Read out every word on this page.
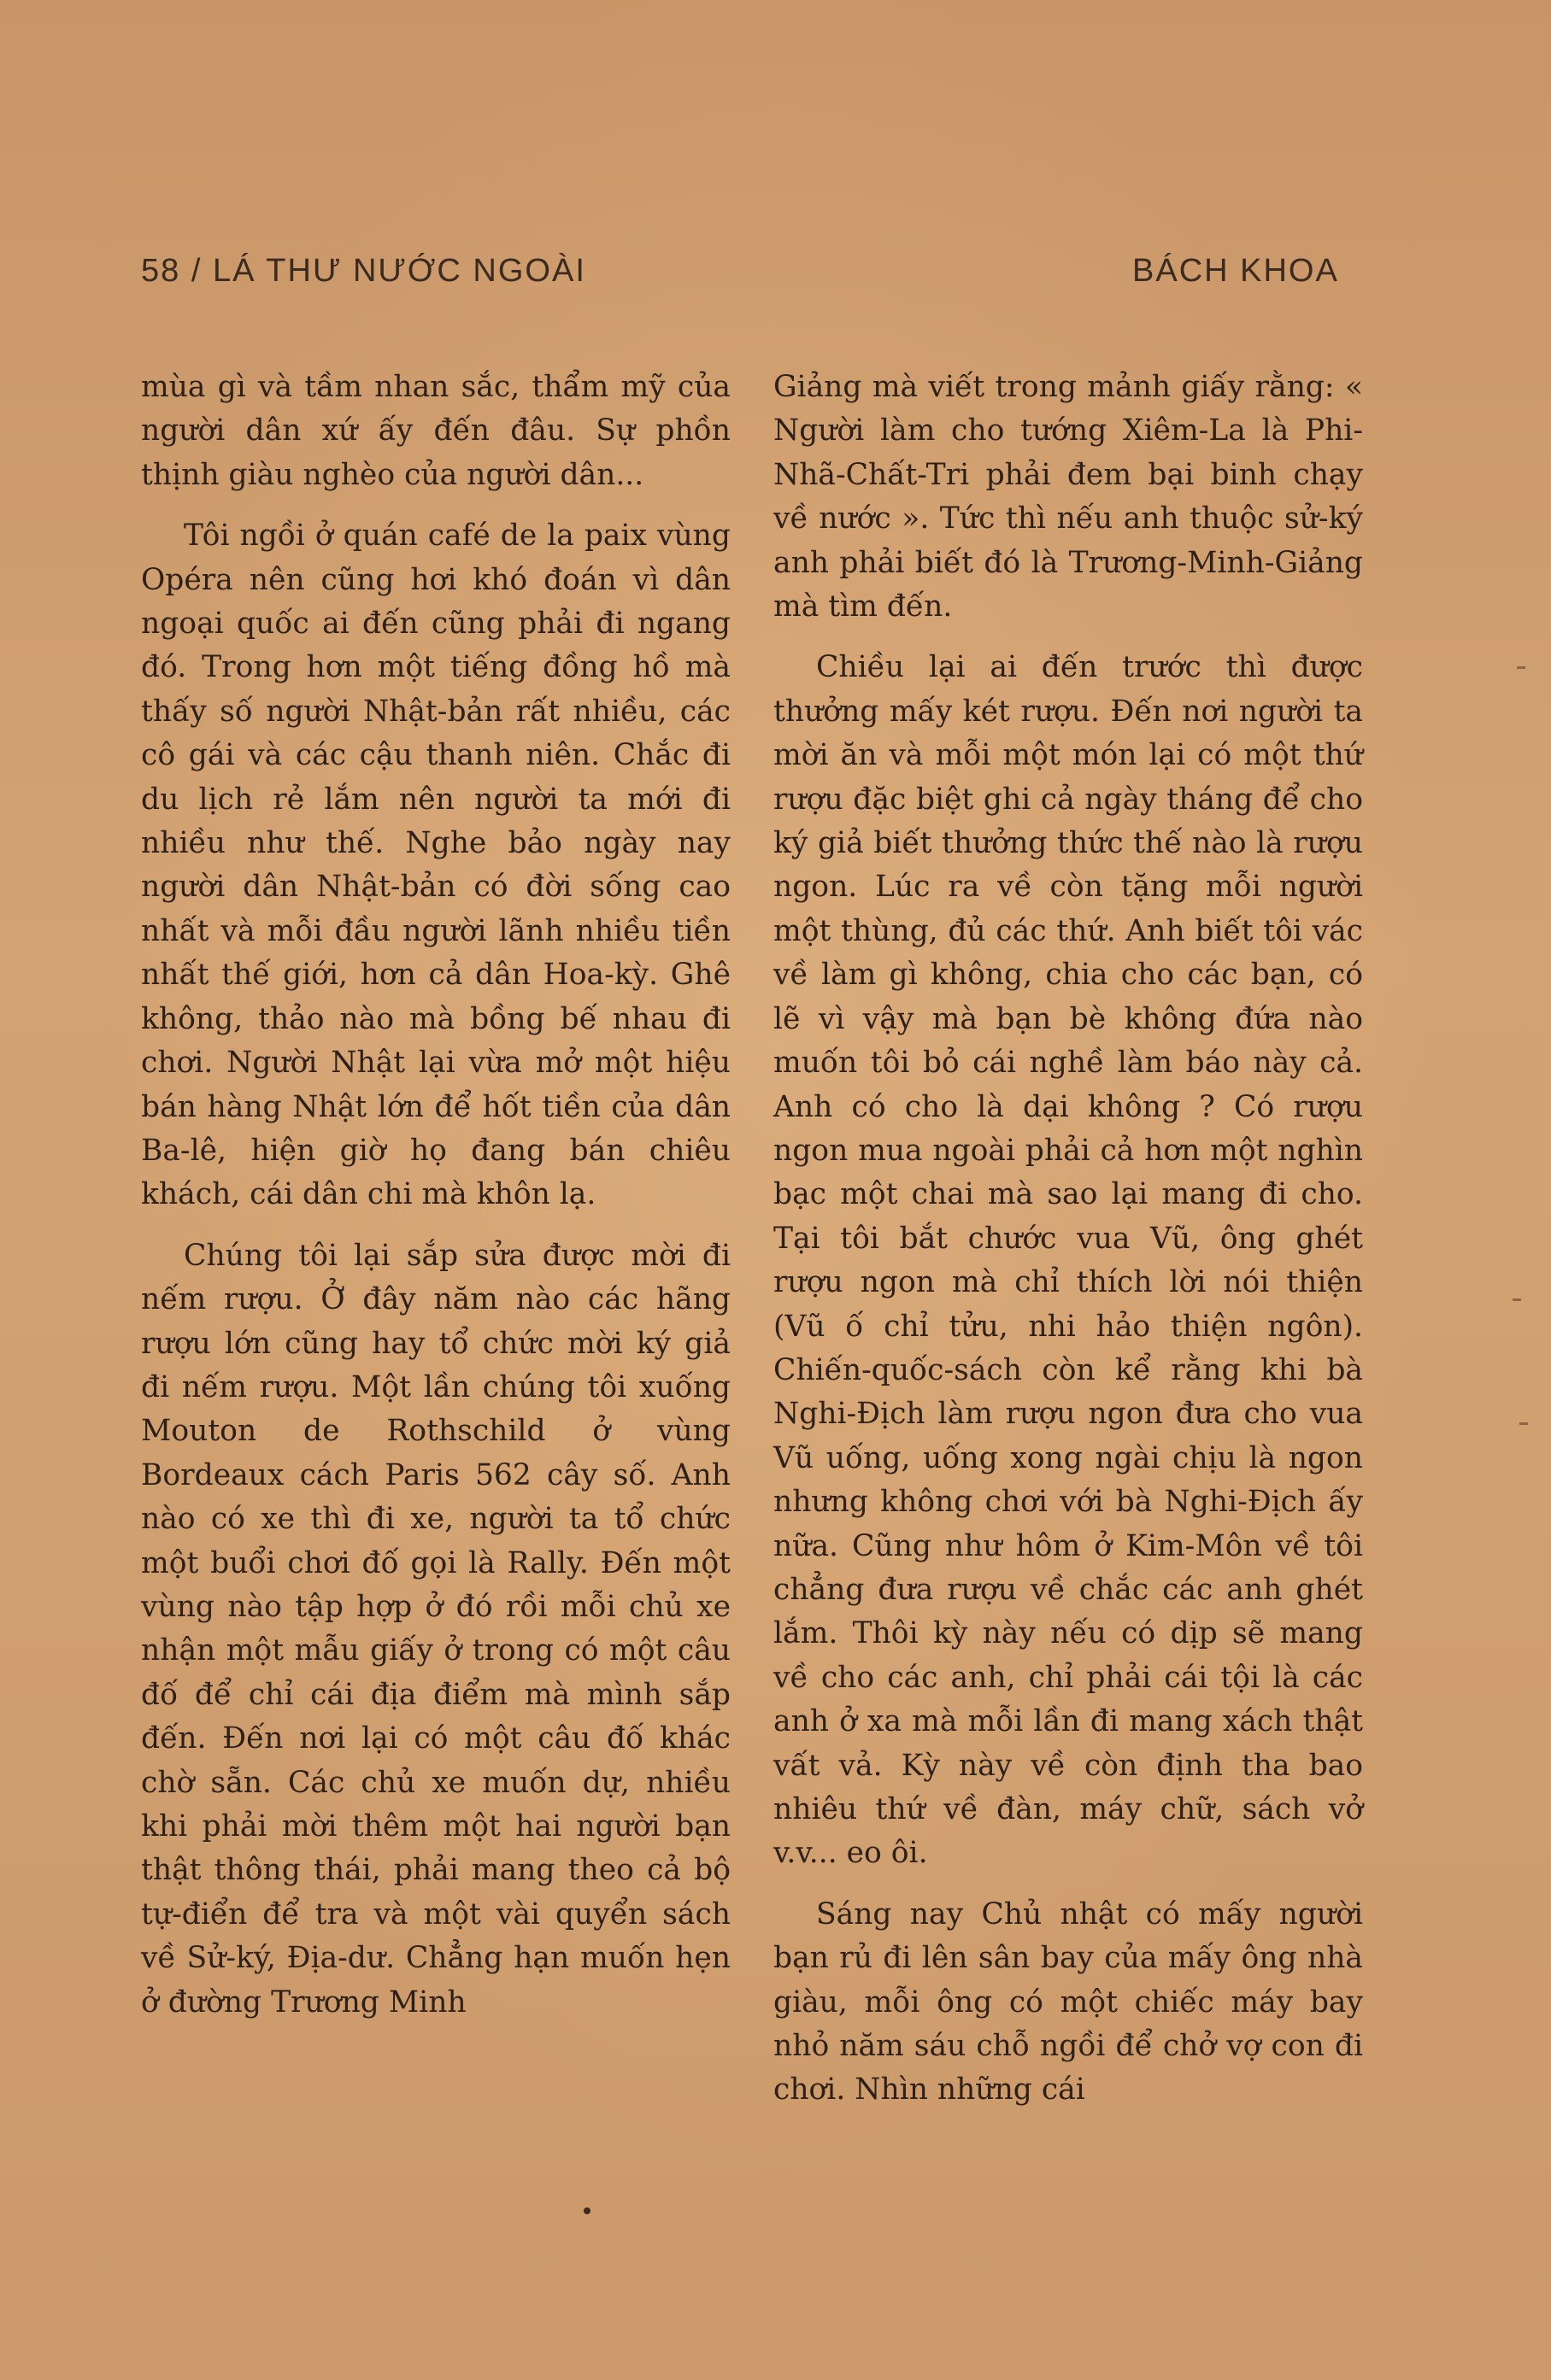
58 / LÁ THƯ NƯỚC NGOÀI	BÁCH KHOA

mùa gì và tầm nhan sắc, thẩm mỹ của người dân xứ ấy đến đâu. Sự phồn thịnh giàu nghèo của người dân...

Tôi ngồi ở quán café de la paix vùng Opéra nên cũng hơi khó đoán vì dân ngoại quốc ai đến cũng phải đi ngang đó. Trong hơn một tiếng đồng hồ mà thấy số người Nhật-bản rất nhiều, các cô gái và các cậu thanh niên. Chắc đi du lịch rẻ lắm nên người ta mới đi nhiều như thế. Nghe bảo ngày nay người dân Nhật-bản có đời sống cao nhất và mỗi đầu người lãnh nhiều tiền nhất thế giới, hơn cả dân Hoa-kỳ. Ghê không, thảo nào mà bồng bế nhau đi chơi. Người Nhật lại vừa mở một hiệu bán hàng Nhật lớn để hốt tiền của dân Ba-lê, hiện giờ họ đang bán chiêu khách, cái dân chi mà khôn lạ.

Chúng tôi lại sắp sửa được mời đi nếm rượu. Ở đây năm nào các hãng rượu lớn cũng hay tổ chức mời ký giả đi nếm rượu. Một lần chúng tôi xuống Mouton de Rothschild ở vùng Bordeaux cách Paris 562 cây số. Anh nào có xe thì đi xe, người ta tổ chức một buổi chơi đố gọi là Rally. Đến một vùng nào tập hợp ở đó rồi mỗi chủ xe nhận một mẫu giấy ở trong có một câu đố để chỉ cái địa điểm mà mình sắp đến. Đến nơi lại có một câu đố khác chờ sẵn. Các chủ xe muốn dự, nhiều khi phải mời thêm một hai người bạn thật thông thái, phải mang theo cả bộ tự-điển để tra và một vài quyển sách về Sử-ký, Địa-dư. Chẳng hạn muốn hẹn ở đường Trương Minh

Giảng mà viết trong mảnh giấy rằng: « Người làm cho tướng Xiêm-La là Phi-Nhã-Chất-Tri phải đem bại binh chạy về nước ». Tức thì nếu anh thuộc sử-ký anh phải biết đó là Trương-Minh-Giảng mà tìm đến.

Chiều lại ai đến trước thì được thưởng mấy két rượu. Đến nơi người ta mời ăn và mỗi một món lại có một thứ rượu đặc biệt ghi cả ngày tháng để cho ký giả biết thưởng thức thế nào là rượu ngon. Lúc ra về còn tặng mỗi người một thùng, đủ các thứ. Anh biết tôi vác về làm gì không, chia cho các bạn, có lẽ vì vậy mà bạn bè không đứa nào muốn tôi bỏ cái nghề làm báo này cả. Anh có cho là dại không ? Có rượu ngon mua ngoài phải cả hơn một nghìn bạc một chai mà sao lại mang đi cho. Tại tôi bắt chước vua Vũ, ông ghét rượu ngon mà chỉ thích lời nói thiện (Vũ ố chỉ tửu, nhi hảo thiện ngôn). Chiến-quốc-sách còn kể rằng khi bà Nghi-Địch làm rượu ngon đưa cho vua Vũ uống, uống xong ngài chịu là ngon nhưng không chơi với bà Nghi-Địch ấy nữa. Cũng như hôm ở Kim-Môn về tôi chẳng đưa rượu về chắc các anh ghét lắm. Thôi kỳ này nếu có dịp sẽ mang về cho các anh, chỉ phải cái tội là các anh ở xa mà mỗi lần đi mang xách thật vất vả. Kỳ này về còn định tha bao nhiêu thứ về đàn, máy chữ, sách vở v.v... eo ôi.

Sáng nay Chủ nhật có mấy người bạn rủ đi lên sân bay của mấy ông nhà giàu, mỗi ông có một chiếc máy bay nhỏ năm sáu chỗ ngồi để chở vợ con đi chơi. Nhìn những cái
